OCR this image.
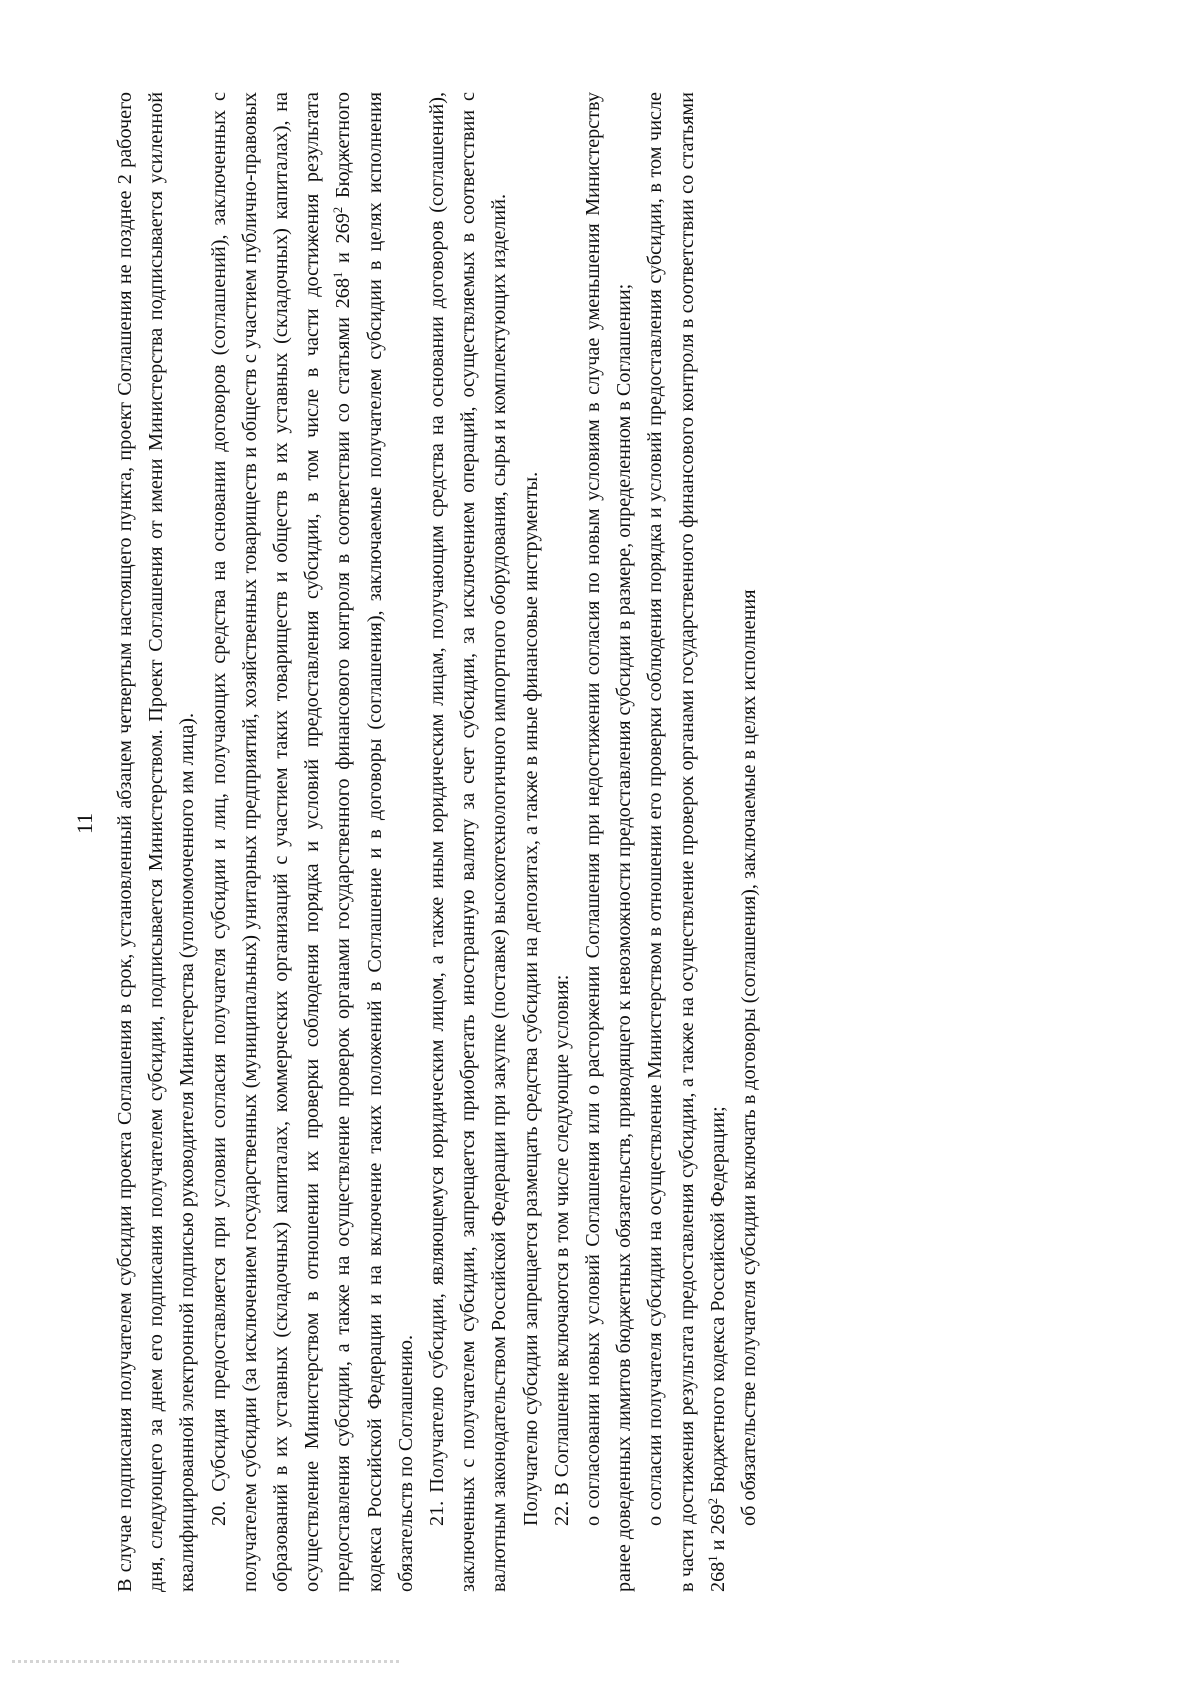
11 В случае подписания получателем субсидии проекта Соглашения в срок, установленный абзацем четвертым настоящего пункта, проект Соглашения не позднее 2 рабочего дня, следующего за днем его подписания получателем субсидии, подписывается Министерством. Проект Соглашения от имени Министерства подписывается усиленной квалифицированной электронной подписью руководителя Министерства (уполномоченного им лица). 20. Субсидия предоставляется при условии согласия получателя субсидии и лиц, получающих средства на основании договоров (соглашений), заключенных с получателем субсидии (за исключением государственных (муниципальных) унитарных предприятий, хозяйственных товариществ и обществ с участием публично-правовых образований в их уставных (складочных) капиталах, коммерческих организаций с участием таких товариществ и обществ в их уставных (складочных) капиталах), на осуществление Министерством в отношении их проверки соблюдения порядка и условий предоставления субсидии, в том числе в части достижения результата предоставления субсидии, а также на осуществление проверок органами государственного финансового контроля в соответствии со статьями $268^1$ и $269^2$ Бюджетного кодекса Российской Федерации и на включение таких положений в Соглашение и в договоры (соглашения), заключаемые получателем субсидии в целях исполнения обязательств по Соглашению. 21. Получателю субсидии, являющемуся юридическим лицом, а также иным юридическим лицам, получающим средства на основании договоров (соглашений), заключенных с получателем субсидии, запрещается приобретать иностранную валюту за счет субсидии, за исключением операций, осуществляемых в соответствии с валютным законодательством Российской Федерации при закупке (поставке) высокотехнологичного импортного оборудования, сырья и комплектующих изделий. Получателю субсидии запрещается размещать средства субсидии на депозитах, а также в иные финансовые инструменты. 22. В Соглашение включаются в том числе следующие условия: о согласовании новых условий Соглашения или о расторжении Соглашения при недостижении согласия по новым условиям в случае уменьшения Министерству ранее доведенных лимитов бюджетных обязательств, приводящего к невозможности предоставления субсидии в размере, определенном в Соглашении; о согласии получателя субсидии на осуществление Министерством в отношении его проверки соблюдения порядка и условий предоставления субсидии, в том числе в части достижения результата предоставления субсидии, а также на осуществление проверок органами государственного финансового контроля в соответствии со статьями $268^1$ и $269^2$ Бюджетного кодекса Российской Федерации; об обязательстве получателя субсидии включать в договоры (соглашения), заключаемые в целях исполнения
